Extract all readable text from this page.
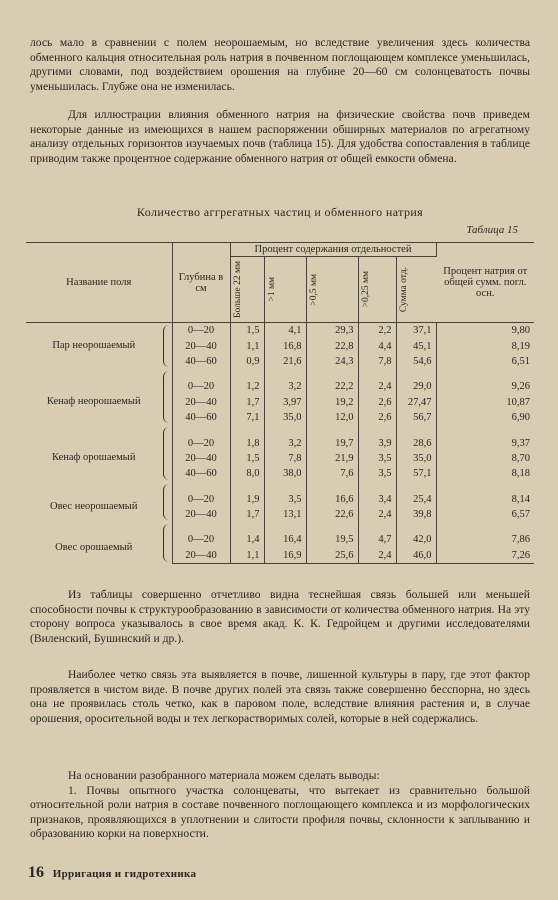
лось мало в сравнении с полем неорошаемым, но вследствие увеличения здесь количества обменного кальция относительная роль натрия в почвенном поглощающем комплексе уменьшилась, другими словами, под воздействием орошения на глубине 20—60 см солонцеватость почвы уменьшилась. Глубже она не изменилась.

Для иллюстрации влияния обменного натрия на физические свойства почв приведем некоторые данные из имеющихся в нашем распоряжении обширных материалов по агрегатному анализу отдельных горизонтов изучаемых почв (таблица 15). Для удобства сопоставления в таблице приводим также процентное содержание обменного натрия от общей емкости обмена.

Количество аггрегатных частиц и обменного натрия
Таблица 15
Название поля	Глубина в см	Процент содержания отдельностей					Процент натрия от общей сумм. погл. осн.

		Больше 22 мм	>1 мм	>0,5 мм	>0,25 мм	Сумма отд.	

Пар неорошаемый	0—20	1,5	4,1	29,3	2,2	37,1	9,80
	20—40	1,1	16,8	22,8	4,4	45,1	8,19
	40—60	0,9	21,6	24,3	7,8	54,6	6,51
Кенаф неорошаемый	0—20	1,2	3,2	22,2	2,4	29,0	9,26
	20—40	1,7	3,97	19,2	2,6	27,47	10,87
	40—60	7,1	35,0	12,0	2,6	56,7	6,90
Кенаф орошаемый	0—20	1,8	3,2	19,7	3,9	28,6	9,37
	20—40	1,5	7,8	21,9	3,5	35,0	8,70
	40—60	8,0	38,0	7,6	3,5	57,1	8,18
Овес неорошаемый	0—20	1,9	3,5	16,6	3,4	25,4	8,14
	20—40	1,7	13,1	22,6	2,4	39,8	6,57
Овес орошаемый	0—20	1,4	16,4	19,5	4,7	42,0	7,86
	20—40	1,1	16,9	25,6	2,4	46,0	7,26

Из таблицы совершенно отчетливо видна теснейшая связь большей или меньшей способности почвы к структурообразованию в зависимости от количества обменного натрия. На эту сторону вопроса указывалось в свое время акад. К. К. Гедройцем и другими исследователями (Виленский, Бушинский и др.).

Наиболее четко связь эта выявляется в почве, лишенной культуры в пару, где этот фактор проявляется в чистом виде. В почве других полей эта связь также совершенно бесспорна, но здесь она не проявилась столь четко, как в паровом поле, вследствие влияния растения и, в случае орошения, оросительной воды и тех легкорастворимых солей, которые в ней содержались.

На основании разобранного материала можем сделать выводы:

1. Почвы опытного участка солонцеваты, что вытекает из сравнительно большой относительной роли натрия в составе почвенного поглощающего комплекса и из морфологических признаков, проявляющихся в уплотнении и слитости профиля почвы, склонности к заплыванию и образованию корки на поверхности.

16 Ирригация и гидротехника
